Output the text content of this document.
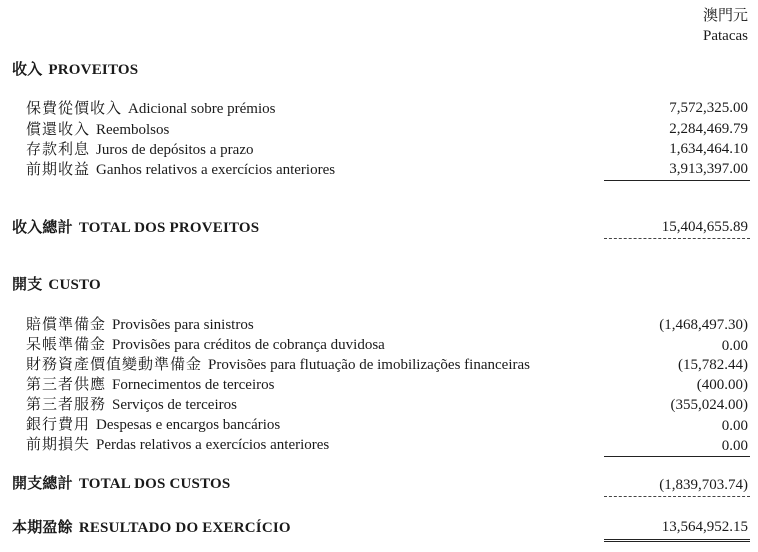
澳門元
Patacas
收入 PROVEITOS
保費從價收入 Adicional sobre prémios	7,572,325.00
償還收入 Reembolsos	2,284,469.79
存款利息 Juros de depósitos a prazo	1,634,464.10
前期收益 Ganhos relativos a exercícios anteriores	3,913,397.00
收入總計 TOTAL DOS PROVEITOS	15,404,655.89
開支 CUSTO
賠償準備金 Provisões para sinistros	(1,468,497.30)
呆帳準備金 Provisões para créditos de cobrança duvidosa	0.00
財務資產價值變動準備金 Provisões para flutuação de imobilizações financeiras	(15,782.44)
第三者供應 Fornecimentos de terceiros	(400.00)
第三者服務 Serviços de terceiros	(355,024.00)
銀行費用 Despesas e encargos bancários	0.00
前期損失 Perdas relativos a exercícios anteriores	0.00
開支總計 TOTAL DOS CUSTOS	(1,839,703.74)
本期盈餘 RESULTADO DO EXERCÍCIO	13,564,952.15
